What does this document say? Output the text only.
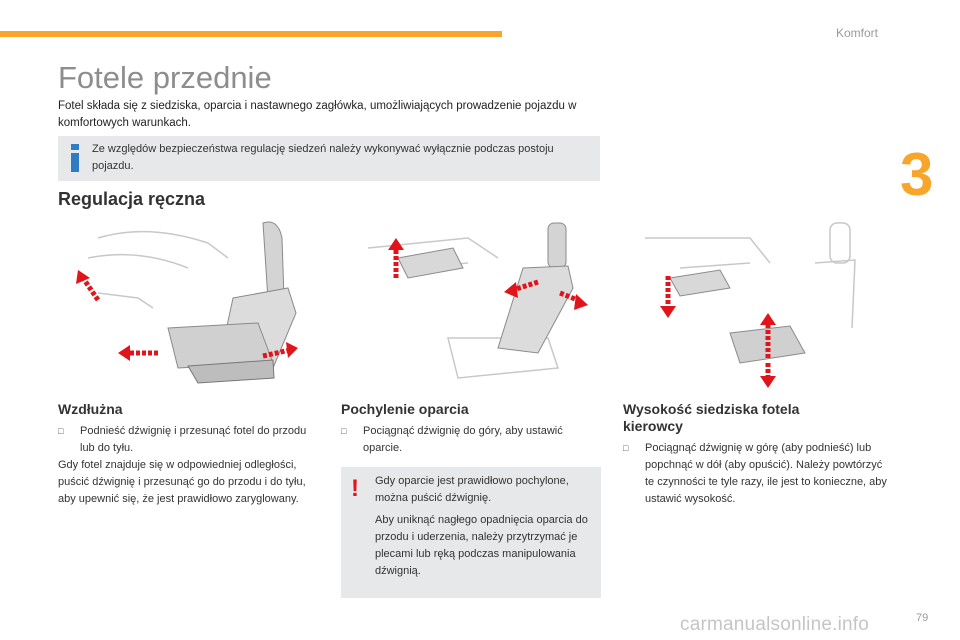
Komfort
3
Fotele przednie
Fotel składa się z siedziska, oparcia i nastawnego zagłówka, umożliwiających prowadzenie pojazdu w komfortowych warunkach.
Ze względów bezpieczeństwa regulację siedzeń należy wykonywać wyłącznie podczas postoju pojazdu.
Regulacja ręczna
Wzdłużna
□	Podnieść dźwignię i przesunąć fotel do przodu lub do tyłu.
Gdy fotel znajduje się w odpowiedniej odległości, puścić dźwignię i przesunąć go do przodu i do tyłu, aby upewnić się, że jest prawidłowo zaryglowany.
Pochylenie oparcia
□	Pociągnąć dźwignię do góry, aby ustawić oparcie.
! Gdy oparcie jest prawidłowo pochylone, można puścić dźwignię.
Aby uniknąć nagłego opadnięcia oparcia do przodu i uderzenia, należy przytrzymać je plecami lub ręką podczas manipulowania dźwignią.
Wysokość siedziska fotela kierowcy
□	Pociągnąć dźwignię w górę (aby podnieść) lub popchnąć w dół (aby opuścić). Należy powtórzyć te czynności te tyle razy, ile jest to konieczne, aby ustawić wysokość.
carmanualsonline.info	79
